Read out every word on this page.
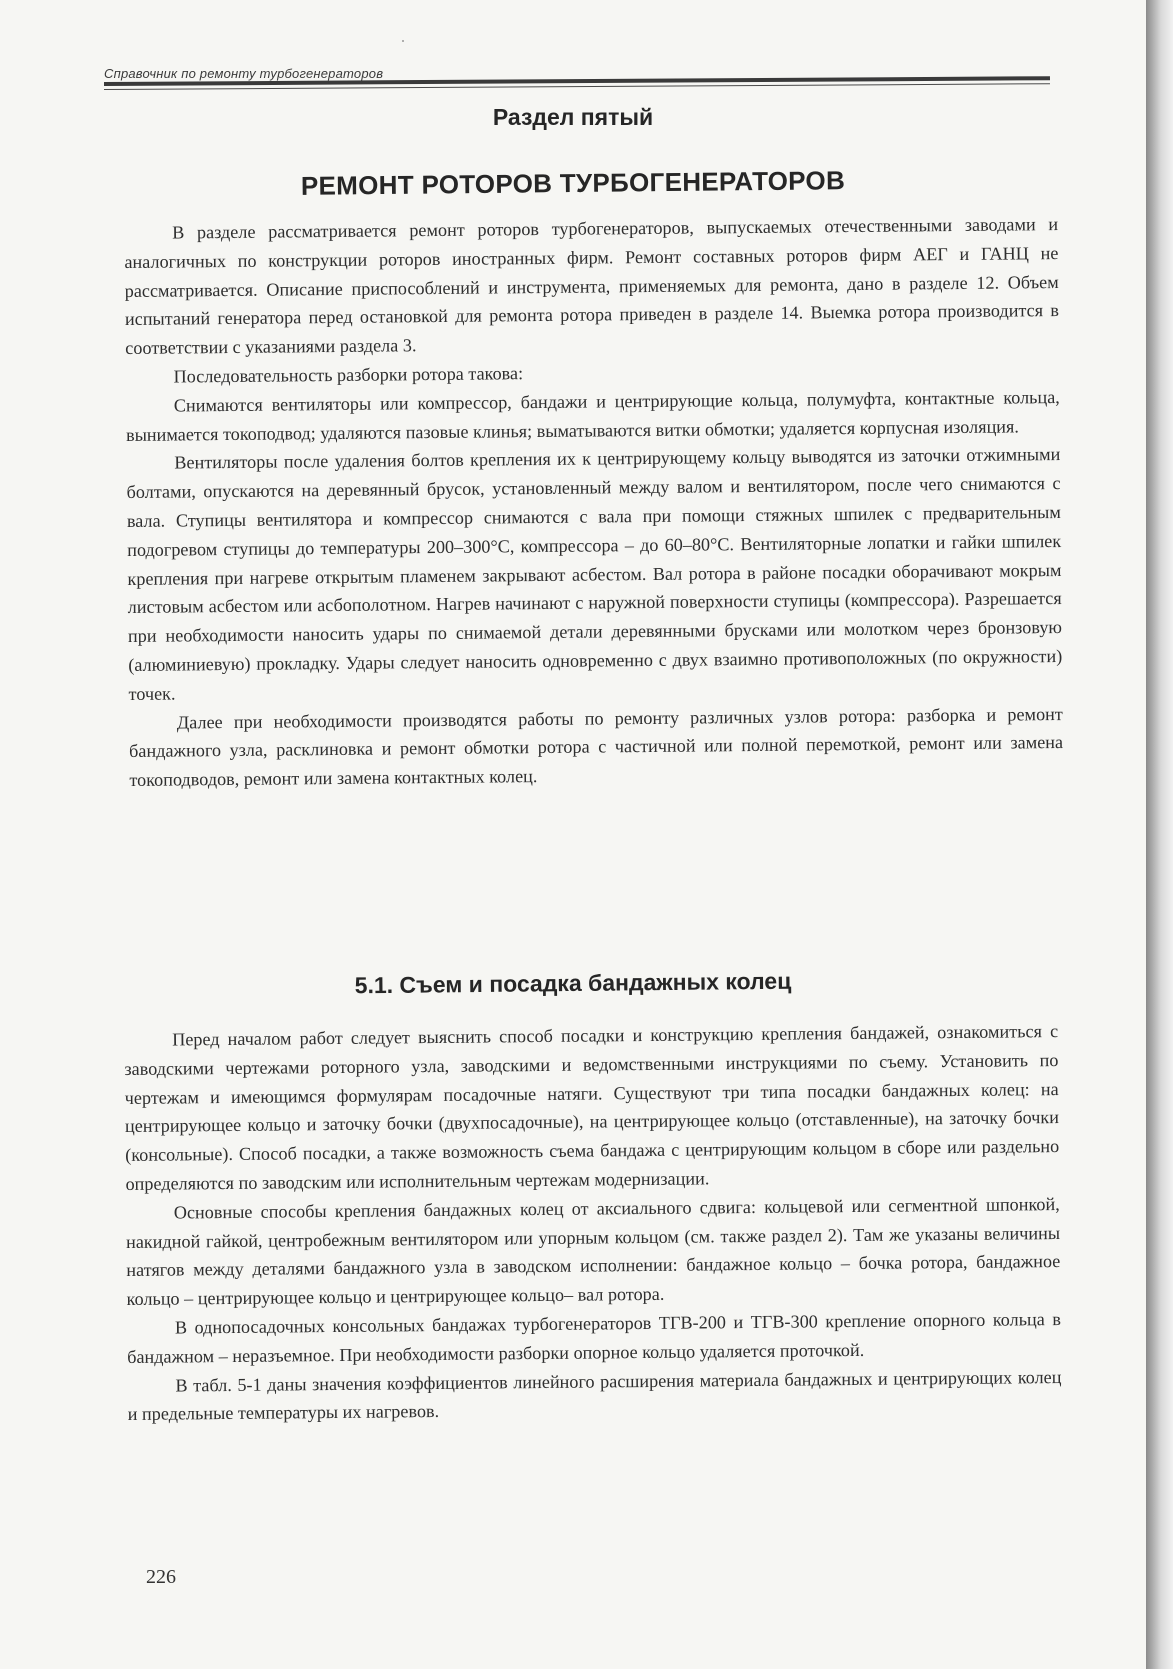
Справочник по ремонту турбогенераторов
Раздел пятый
РЕМОНТ РОТОРОВ ТУРБОГЕНЕРАТОРОВ

В разделе рассматривается ремонт роторов турбогенераторов, выпускаемых отечественными заводами и аналогичных по конструкции роторов иностранных фирм. Ремонт составных роторов фирм АЕГ и ГАНЦ не рассматривается. Описание приспособлений и инструмента, применяемых для ремонта, дано в разделе 12. Объем испытаний генератора перед остановкой для ремонта ротора приведен в разделе 14. Выемка ротора производится в соответствии с указаниями раздела 3.

Последовательность разборки ротора такова:

Снимаются вентиляторы или компрессор, бандажи и центрирующие кольца, полумуфта, контактные кольца, вынимается токоподвод; удаляются пазовые клинья; выматываются витки обмотки; удаляется корпусная изоляция.

Вентиляторы после удаления болтов крепления их к центрирующему кольцу выводятся из заточки отжимными болтами, опускаются на деревянный брусок, установленный между валом и вентилятором, после чего снимаются с вала. Ступицы вентилятора и компрессор снимаются с вала при помощи стяжных шпилек с предварительным подогревом ступицы до температуры 200–300°С, компрессора – до 60–80°С. Вентиляторные лопатки и гайки шпилек крепления при нагреве открытым пламенем закрывают асбестом. Вал ротора в районе посадки оборачивают мокрым листовым асбестом или асбополотном. Нагрев начинают с наружной поверхности ступицы (компрессора). Разрешается при необходимости наносить удары по снимаемой детали деревянными брусками или молотком через бронзовую (алюминиевую) прокладку. Удары следует наносить одновременно с двух взаимно противоположных (по окружности) точек.

Далее при необходимости производятся работы по ремонту различных узлов ротора: разборка и ремонт бандажного узла, расклиновка и ремонт обмотки ротора с частичной или полной перемоткой, ремонт или замена токоподводов, ремонт или замена контактных колец.

5.1. Съем и посадка бандажных колец

Перед началом работ следует выяснить способ посадки и конструкцию крепления бандажей, ознакомиться с заводскими чертежами роторного узла, заводскими и ведомственными инструкциями по съему. Установить по чертежам и имеющимся формулярам посадочные натяги. Существуют три типа посадки бандажных колец: на центрирующее кольцо и заточку бочки (двухпосадочные), на центрирующее кольцо (отставленные), на заточку бочки (консольные). Способ посадки, а также возможность съема бандажа с центрирующим кольцом в сборе или раздельно определяются по заводским или исполнительным чертежам модернизации.

Основные способы крепления бандажных колец от аксиального сдвига: кольцевой или сегментной шпонкой, накидной гайкой, центробежным вентилятором или упорным кольцом (см. также раздел 2). Там же указаны величины натягов между деталями бандажного узла в заводском исполнении: бандажное кольцо – бочка ротора, бандажное кольцо – центрирующее кольцо и центрирующее кольцо– вал ротора.

В однопосадочных консольных бандажах турбогенераторов ТГВ-200 и ТГВ-300 крепление опорного кольца в бандажном – неразъемное. При необходимости разборки опорное кольцо удаляется проточкой.

В табл. 5-1 даны значения коэффициентов линейного расширения материала бандажных и центрирующих колец и предельные температуры их нагревов.

226
